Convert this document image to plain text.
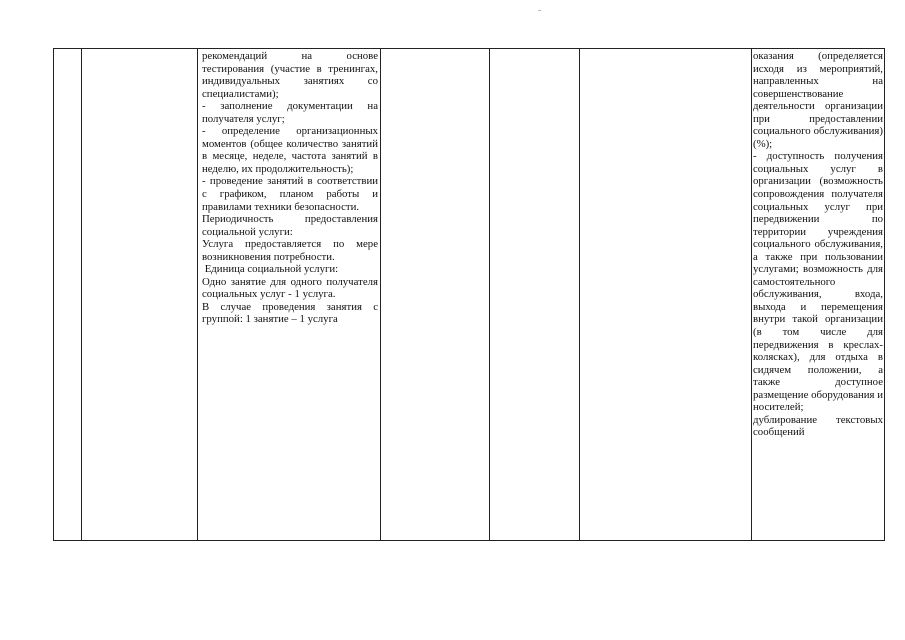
рекомендаций на основе тестирования (участие в тренингах, индивидуальных занятиях со специалистами);

- заполнение документации на получателя услуг;

- определение организационных моментов (общее количество занятий в месяце, неделе, частота занятий в неделю, их продолжительность);

- проведение занятий в соответствии с графиком, планом работы и правилами техники безопасности.

Периодичность предоставления социальной услуги:

Услуга предоставляется по мере возникновения потребности.

Единица социальной услуги:

Одно занятие для одного получателя социальных услуг - 1 услуга.

В случае проведения занятия с группой: 1 занятие – 1 услуга

оказания (определяется исходя из мероприятий, направленных на совершенствование деятельности организации при предоставлении социального обслуживания) (%);

- доступность получения социальных услуг в организации (возможность сопровождения получателя социальных услуг при передвижении по территории учреждения социального обслуживания, а также при пользовании услугами; возможность для самостоятельного обслуживания, входа, выхода и перемещения внутри такой организации (в том числе для передвижения в креслах-колясках), для отдыха в сидячем положении, а также доступное размещение оборудования и носителей;

дублирование текстовых сообщений
